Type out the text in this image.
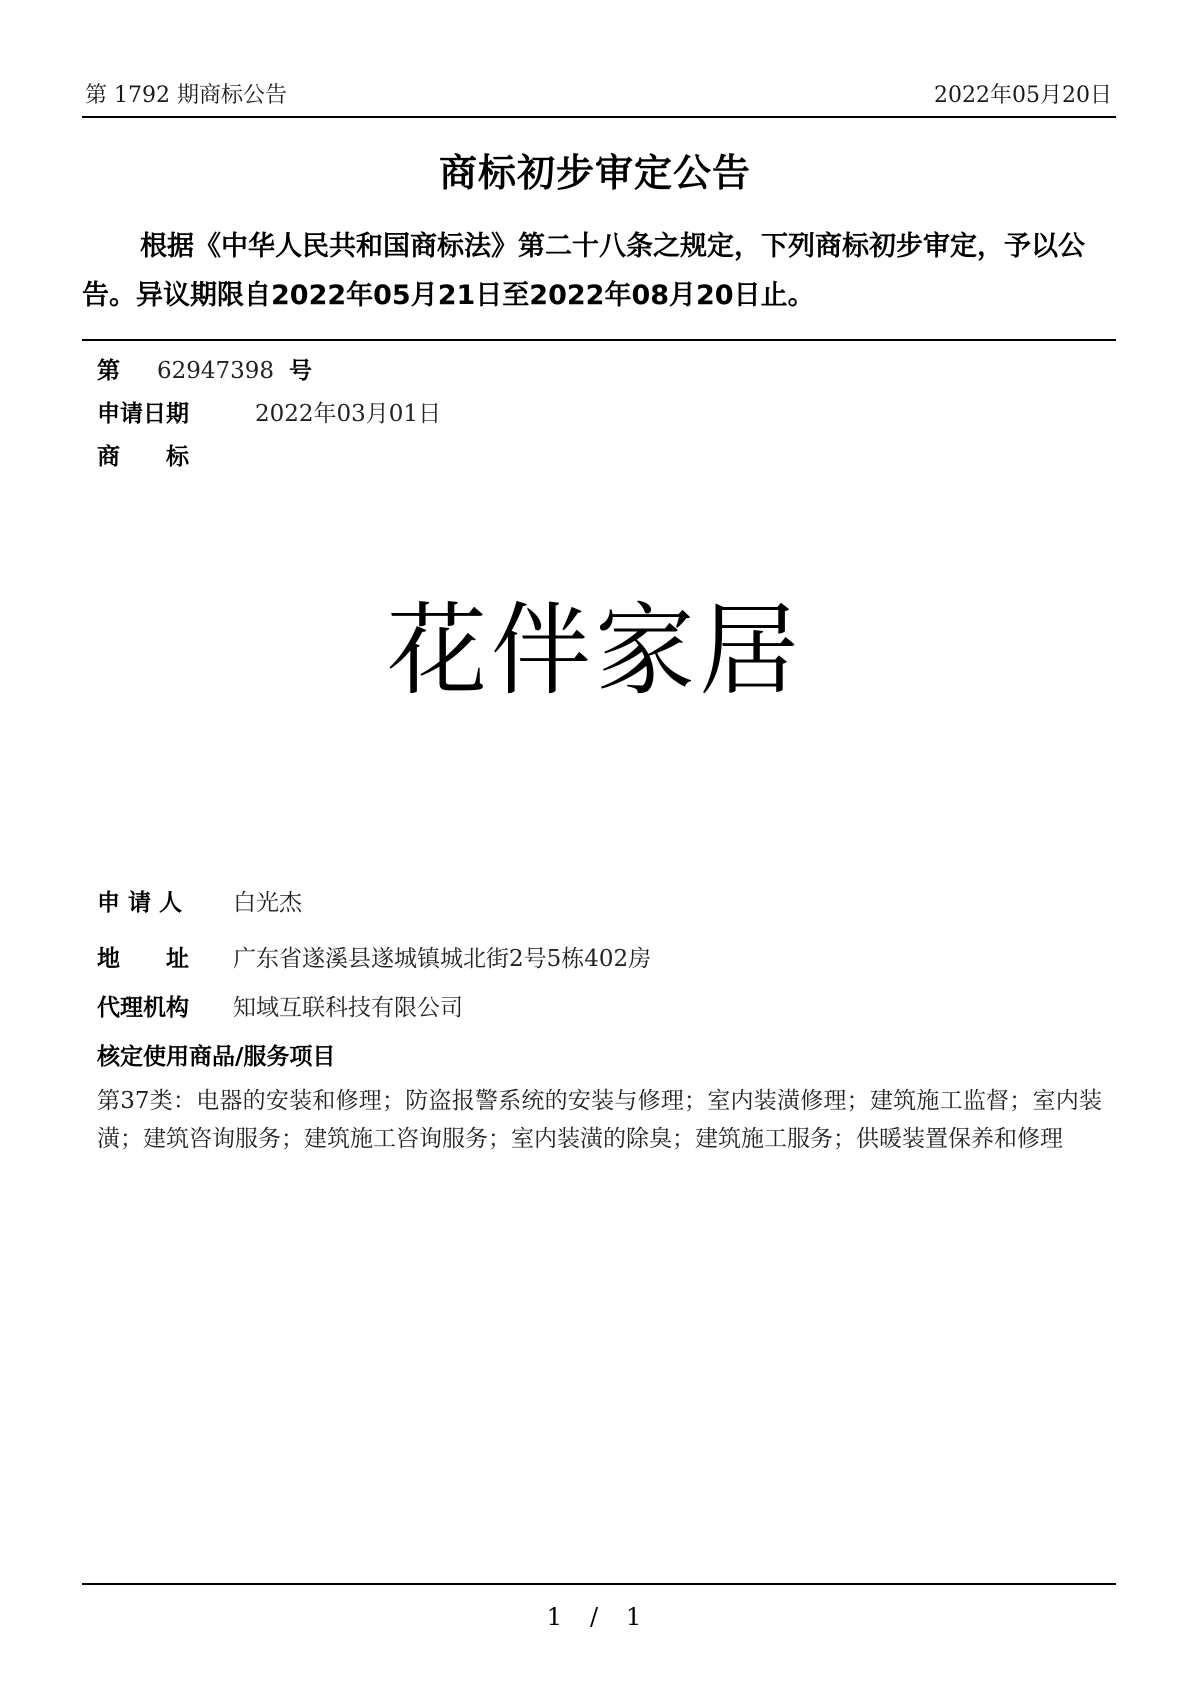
第 1792 期商标公告	2022年05月20日
商标初步审定公告
根据《中华人民共和国商标法》第二十八条之规定，下列商标初步审定，予以公告。异议期限自2022年05月21日至2022年08月20日止。
第 62947398 号
申请日期	2022年03月01日
商　　标
花伴家居
申 请 人 白光杰
地　　址 广东省遂溪县遂城镇城北街2号5栋402房
代理机构 知域互联科技有限公司
核定使用商品/服务项目
第37类：电器的安装和修理；防盗报警系统的安装与修理；室内装潢修理；建筑施工监督；室内装潢；建筑咨询服务；建筑施工咨询服务；室内装潢的除臭；建筑施工服务；供暖装置保养和修理
1　/　1
